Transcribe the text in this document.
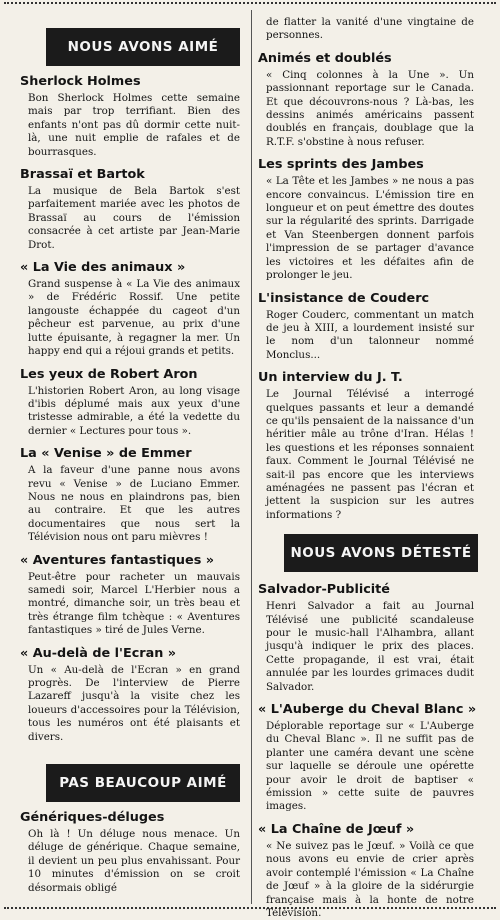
NOUS AVONS AIMÉ
Sherlock Holmes
Bon Sherlock Holmes cette semaine mais par trop terrifiant. Bien des enfants n'ont pas dû dormir cette nuit-là, une nuit emplie de rafales et de bourrasques.
Brassaï et Bartok
La musique de Bela Bartok s'est parfaitement mariée avec les photos de Brassaï au cours de l'émission consacrée à cet artiste par Jean-Marie Drot.
« La Vie des animaux »
Grand suspense à « La Vie des animaux » de Frédéric Rossif. Une petite langouste échappée du cageot d'un pêcheur est parvenue, au prix d'une lutte épuisante, à regagner la mer. Un happy end qui a réjoui grands et petits.
Les yeux de Robert Aron
L'historien Robert Aron, au long visage d'ibis déplumé mais aux yeux d'une tristesse admirable, a été la vedette du dernier « Lectures pour tous ».
La « Venise » de Emmer
A la faveur d'une panne nous avons revu « Venise » de Luciano Emmer. Nous ne nous en plaindrons pas, bien au contraire. Et que les autres documentaires que nous sert la Télévision nous ont paru mièvres !
« Aventures fantastiques »
Peut-être pour racheter un mauvais samedi soir, Marcel L'Herbier nous a montré, dimanche soir, un très beau et très étrange film tchèque : « Aventures fantastiques » tiré de Jules Verne.
« Au-delà de l'Ecran »
Un « Au-delà de l'Ecran » en grand progrès. De l'interview de Pierre Lazareff jusqu'à la visite chez les loueurs d'accessoires pour la Télévision, tous les numéros ont été plaisants et divers.
PAS BEAUCOUP AIMÉ
Génériques-déluges
Oh là ! Un déluge nous menace. Un déluge de générique. Chaque semaine, il devient un peu plus envahissant. Pour 10 minutes d'émission on se croit désormais obligé
de flatter la vanité d'une vingtaine de personnes.
Animés et doublés
« Cinq colonnes à la Une ». Un passionnant reportage sur le Canada. Et que découvrons-nous ? Là-bas, les dessins animés américains passent doublés en français, doublage que la R.T.F. s'obstine à nous refuser.
Les sprints des Jambes
« La Tête et les Jambes » ne nous a pas encore convaincus. L'émission tire en longueur et on peut émettre des doutes sur la régularité des sprints. Darrigade et Van Steenbergen donnent parfois l'impression de se partager d'avance les victoires et les défaites afin de prolonger le jeu.
L'insistance de Couderc
Roger Couderc, commentant un match de jeu à XIII, a lourdement insisté sur le nom d'un talonneur nommé Monclus...
Un interview du J. T.
Le Journal Télévisé a interrogé quelques passants et leur a demandé ce qu'ils pensaient de la naissance d'un héritier mâle au trône d'Iran. Hélas ! les questions et les réponses sonnaient faux. Comment le Journal Télévisé ne sait-il pas encore que les interviews aménagées ne passent pas l'écran et jettent la suspicion sur les autres informations ?
NOUS AVONS DÉTESTÉ
Salvador-Publicité
Henri Salvador a fait au Journal Télévisé une publicité scandaleuse pour le music-hall l'Alhambra, allant jusqu'à indiquer le prix des places. Cette propagande, il est vrai, était annulée par les lourdes grimaces dudit Salvador.
« L'Auberge du Cheval Blanc »
Déplorable reportage sur « L'Auberge du Cheval Blanc ». Il ne suffit pas de planter une caméra devant une scène sur laquelle se déroule une opérette pour avoir le droit de baptiser « émission » cette suite de pauvres images.
« La Chaîne de Jœuf »
« Ne suivez pas le Jœuf. » Voilà ce que nous avons eu envie de crier après avoir contemplé l'émission « La Chaîne de Jœuf » à la gloire de la sidérurgie française mais à la honte de notre Télévision.
